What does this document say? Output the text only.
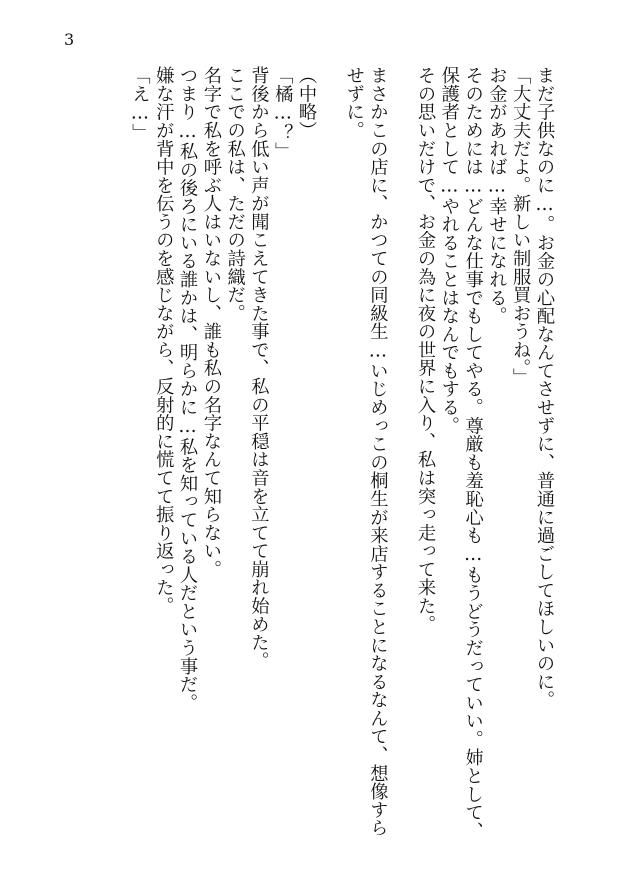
3
まだ子供なのに…。お金の心配なんてさせずに、普通に過ごしてほしいのに。
「大丈夫だよ。新しい制服買おうね。」
お金があれば…幸せになれる。
そのためには…どんな仕事でもしてやる。尊厳も羞恥心も…もうどうだっていい。姉として、
保護者として…やれることはなんでもする。
その思いだけで、お金の為に夜の世界に入り、私は突っ走って来た。
まさかこの店に、かつての同級生…いじめっこの桐生が来店することになるなんて、想像すら
せずに。
（中略）
「橘…？」
背後から低い声が聞こえてきた事で、私の平穏は音を立てて崩れ始めた。
ここでの私は、ただの詩織だ。
名字で私を呼ぶ人はいないし、誰も私の名字なんて知らない。
つまり…私の後ろにいる誰かは、明らかに…私を知っている人だという事だ。
嫌な汗が背中を伝うのを感じながら、反射的に慌てて振り返った。
「え…」
